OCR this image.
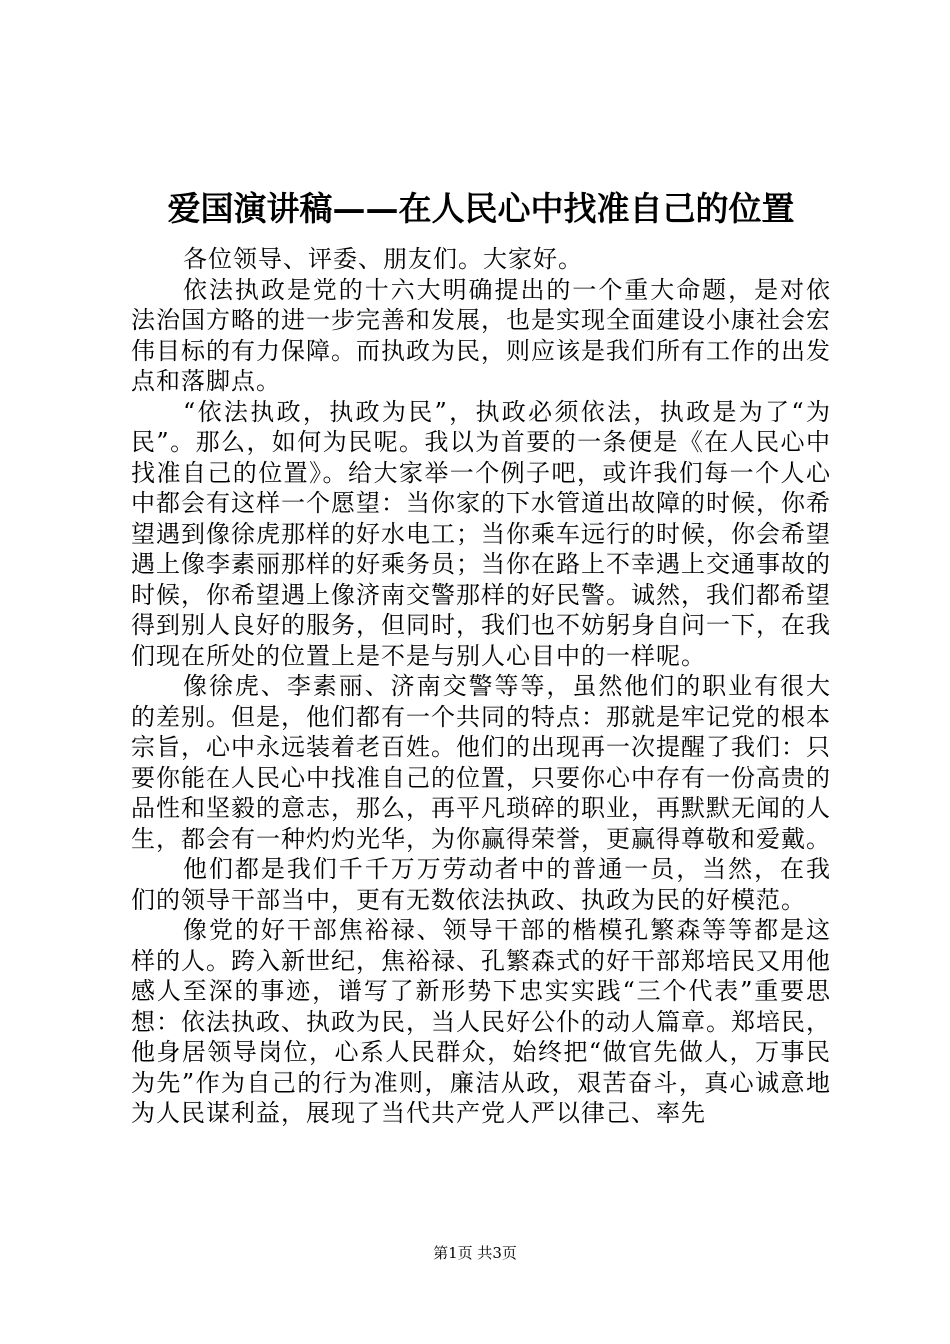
爱国演讲稿——在人民心中找准自己的位置

各位领导、评委、朋友们。大家好。

依法执政是党的十六大明确提出的一个重大命题，是对依法治国方略的进一步完善和发展，也是实现全面建设小康社会宏伟目标的有力保障。而执政为民，则应该是我们所有工作的出发点和落脚点。

“依法执政，执政为民”，执政必须依法，执政是为了“为民”。那么，如何为民呢。我以为首要的一条便是《在人民心中找准自己的位置》。给大家举一个例子吧，或许我们每一个人心中都会有这样一个愿望：当你家的下水管道出故障的时候，你希望遇到像徐虎那样的好水电工；当你乘车远行的时候，你会希望遇上像李素丽那样的好乘务员；当你在路上不幸遇上交通事故的时候，你希望遇上像济南交警那样的好民警。诚然，我们都希望得到别人良好的服务，但同时，我们也不妨躬身自问一下，在我们现在所处的位置上是不是与别人心目中的一样呢。

像徐虎、李素丽、济南交警等等，虽然他们的职业有很大的差别。但是，他们都有一个共同的特点：那就是牢记党的根本宗旨，心中永远装着老百姓。他们的出现再一次提醒了我们：只要你能在人民心中找准自己的位置，只要你心中存有一份高贵的品性和坚毅的意志，那么，再平凡琐碎的职业，再默默无闻的人生，都会有一种灼灼光华，为你赢得荣誉，更赢得尊敬和爱戴。

他们都是我们千千万万劳动者中的普通一员，当然，在我们的领导干部当中，更有无数依法执政、执政为民的好模范。

像党的好干部焦裕禄、领导干部的楷模孔繁森等等都是这样的人。跨入新世纪，焦裕禄、孔繁森式的好干部郑培民又用他感人至深的事迹，谱写了新形势下忠实实践“三个代表”重要思想：依法执政、执政为民，当人民好公仆的动人篇章。郑培民，他身居领导岗位，心系人民群众，始终把“做官先做人，万事民为先”作为自己的行为准则，廉洁从政，艰苦奋斗，真心诚意地为人民谋利益，展现了当代共产党人严以律己、率先

第1页 共3页
